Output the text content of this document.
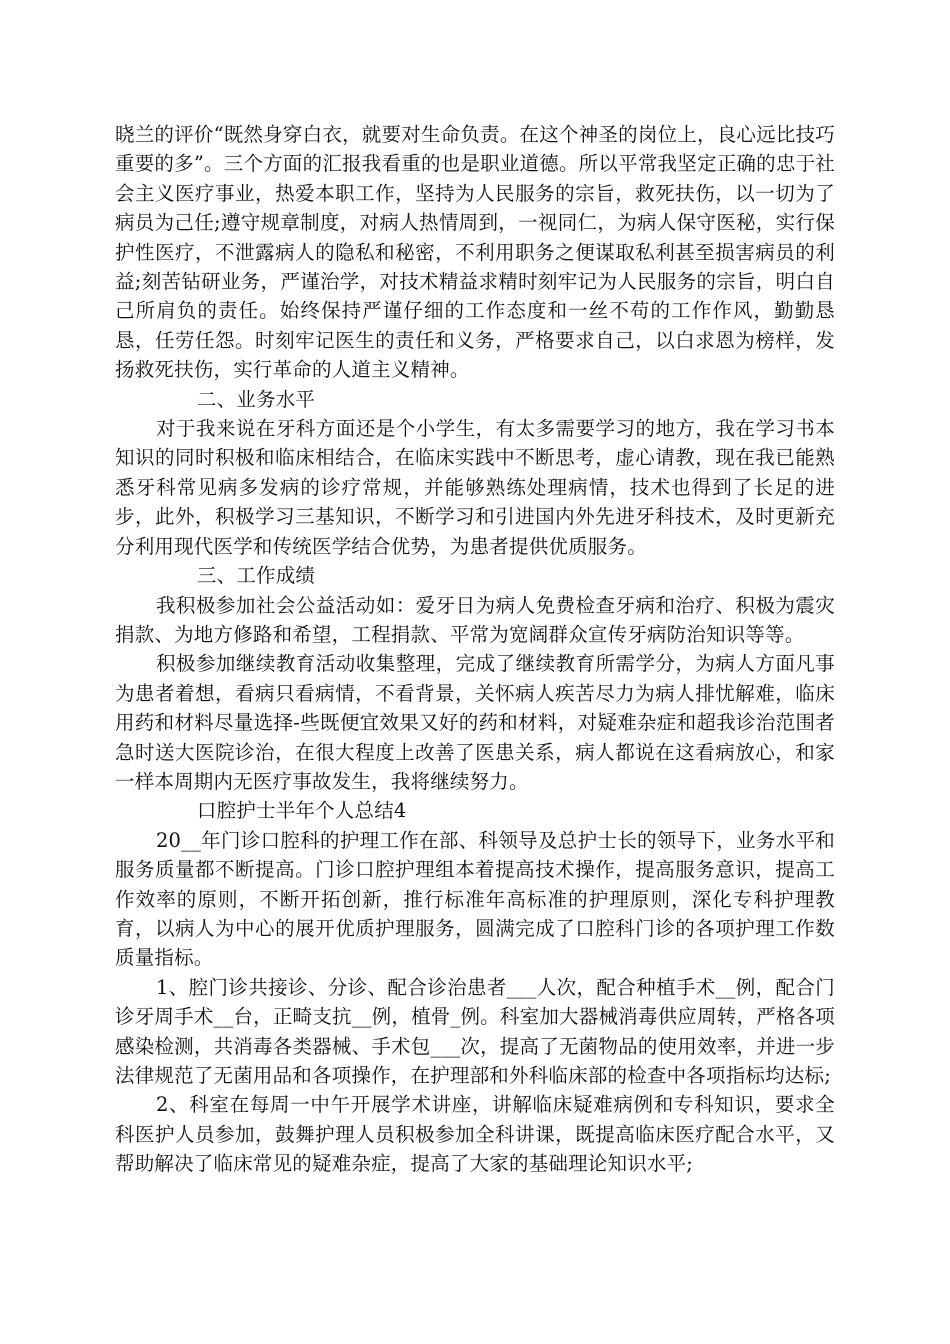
晓兰的评价“既然身穿白衣，就要对生命负责。在这个神圣的岗位上，良心远比技巧重要的多”。三个方面的汇报我看重的也是职业道德。所以平常我坚定正确的忠于社会主义医疗事业，热爱本职工作，坚持为人民服务的宗旨，救死扶伤，以一切为了病员为己任;遵守规章制度，对病人热情周到，一视同仁，为病人保守医秘，实行保护性医疗，不泄露病人的隐私和秘密，不利用职务之便谋取私利甚至损害病员的利益;刻苦钻研业务，严谨治学，对技术精益求精时刻牢记为人民服务的宗旨，明白自己所肩负的责任。始终保持严谨仔细的工作态度和一丝不苟的工作作风，勤勤恳恳，任劳任怨。时刻牢记医生的责任和义务，严格要求自己，以白求恩为榜样，发扬救死扶伤，实行革命的人道主义精神。

二、业务水平

对于我来说在牙科方面还是个小学生，有太多需要学习的地方，我在学习书本知识的同时积极和临床相结合，在临床实践中不断思考，虚心请教，现在我已能熟悉牙科常见病多发病的诊疗常规，并能够熟练处理病情，技术也得到了长足的进步，此外，积极学习三基知识，不断学习和引进国内外先进牙科技术，及时更新充分利用现代医学和传统医学结合优势，为患者提供优质服务。

三、工作成绩

我积极参加社会公益活动如：爱牙日为病人免费检查牙病和治疗、积极为震灾捐款、为地方修路和希望，工程捐款、平常为宽阔群众宣传牙病防治知识等等。

积极参加继续教育活动收集整理，完成了继续教育所需学分，为病人方面凡事为患者着想，看病只看病情，不看背景，关怀病人疾苦尽力为病人排忧解难，临床用药和材料尽量选择-些既便宜效果又好的药和材料，对疑难杂症和超我诊治范围者急时送大医院诊治，在很大程度上改善了医患关系，病人都说在这看病放心，和家一样本周期内无医疗事故发生，我将继续努力。

口腔护士半年个人总结4

20__年门诊口腔科的护理工作在部、科领导及总护士长的领导下，业务水平和服务质量都不断提高。门诊口腔护理组本着提高技术操作，提高服务意识，提高工作效率的原则，不断开拓创新，推行标准年高标准的护理原则，深化专科护理教育，以病人为中心的展开优质护理服务，圆满完成了口腔科门诊的各项护理工作数质量指标。

1、腔门诊共接诊、分诊、配合诊治患者___人次，配合种植手术__例，配合门诊牙周手术__台，正畸支抗__例，植骨_例。科室加大器械消毒供应周转，严格各项感染检测，共消毒各类器械、手术包___次，提高了无菌物品的使用效率，并进一步法律规范了无菌用品和各项操作，在护理部和外科临床部的检查中各项指标均达标;

2、科室在每周一中午开展学术讲座，讲解临床疑难病例和专科知识，要求全科医护人员参加，鼓舞护理人员积极参加全科讲课，既提高临床医疗配合水平，又帮助解决了临床常见的疑难杂症，提高了大家的基础理论知识水平;
